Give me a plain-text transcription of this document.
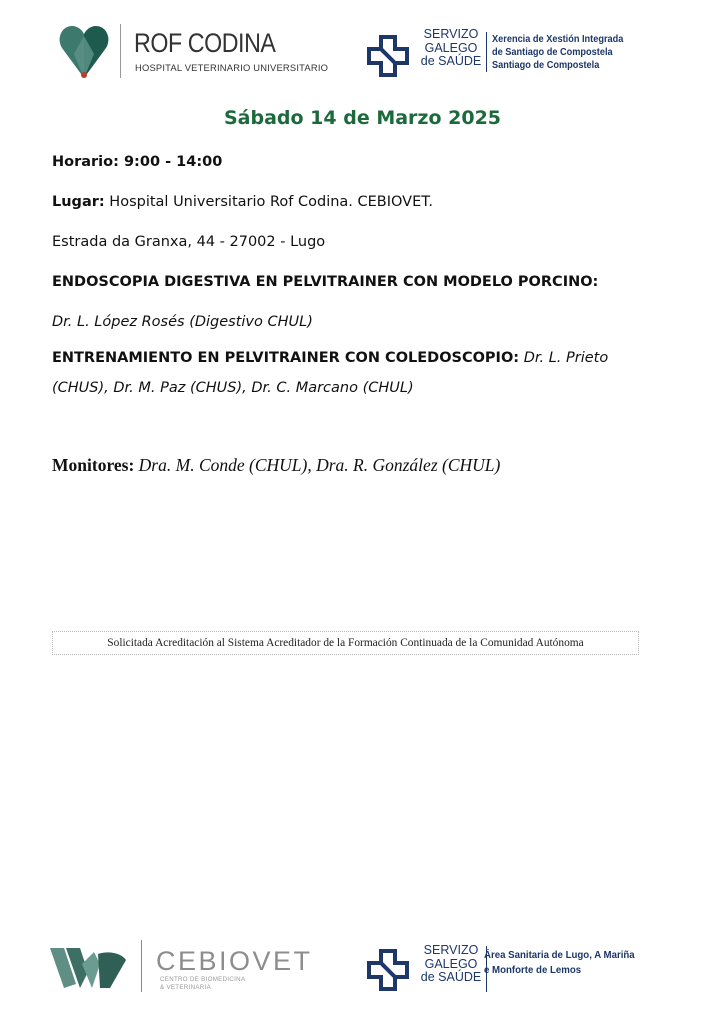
ROF CODINA
HOSPITAL VETERINARIO UNIVERSITARIO
SERVIZO
GALEGO
de SAÚDE
Xerencia de Xestión Integrada
de Santiago de Compostela
Santiago de Compostela
Sábado 14 de Marzo 2025
Horario: 9:00 - 14:00
Lugar: Hospital Universitario Rof Codina. CEBIOVET.
Estrada da Granxa, 44 - 27002 - Lugo
ENDOSCOPIA DIGESTIVA EN PELVITRAINER CON MODELO PORCINO:
Dr. L. López Rosés (Digestivo CHUL)
ENTRENAMIENTO EN PELVITRAINER CON COLEDOSCOPIO: Dr. L. Prieto
(CHUS), Dr. M. Paz (CHUS), Dr. C. Marcano (CHUL)
Monitores: Dra. M. Conde (CHUL), Dra. R. González (CHUL)
Solicitada Acreditación al Sistema Acreditador de la Formación Continuada de la Comunidad Autónoma
CEBIOVET
CENTRO DE BIOMEDICINA
& VETERINARIA
SERVIZO
GALEGO
de SAÚDE
Área Sanitaria de Lugo, A Mariña
e Monforte de Lemos
